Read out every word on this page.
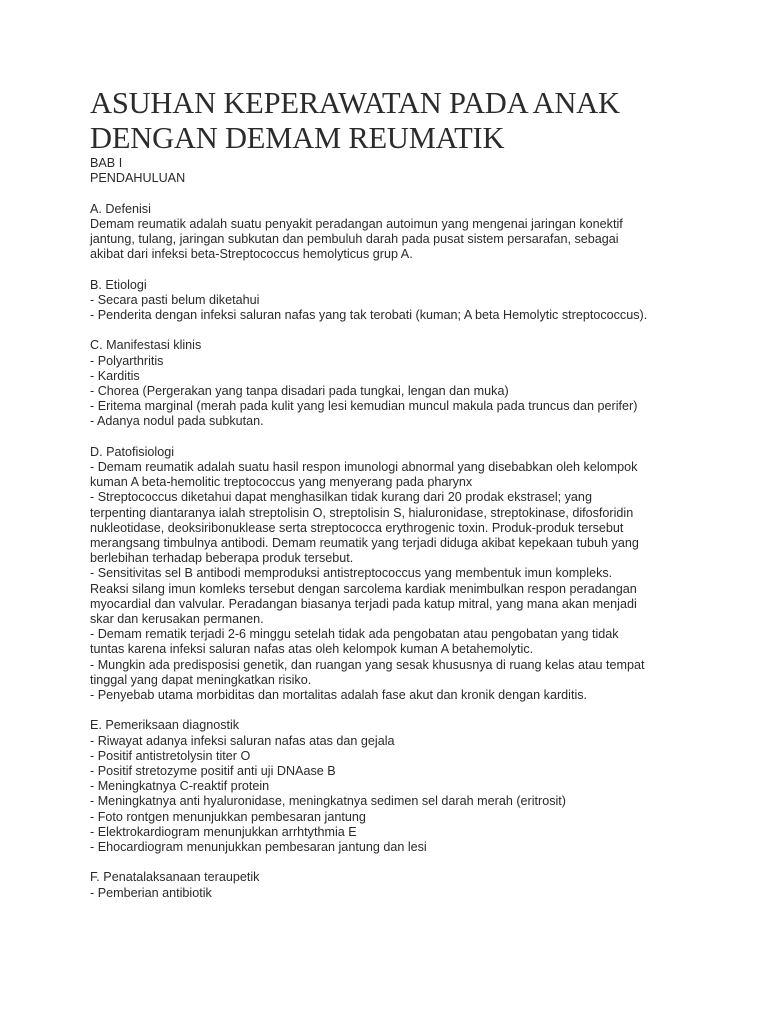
ASUHAN KEPERAWATAN PADA ANAK
DENGAN DEMAM REUMATIK
BAB I
PENDAHULUAN
A. Defenisi
Demam reumatik adalah suatu penyakit peradangan autoimun yang mengenai jaringan konektif
jantung, tulang, jaringan subkutan dan pembuluh darah pada pusat sistem persarafan, sebagai
akibat dari infeksi beta-Streptococcus hemolyticus grup A.
B. Etiologi
- Secara pasti belum diketahui
- Penderita dengan infeksi saluran nafas yang tak terobati (kuman; A beta Hemolytic streptococcus).
C. Manifestasi klinis
- Polyarthritis
- Karditis
- Chorea (Pergerakan yang tanpa disadari pada tungkai, lengan dan muka)
- Eritema marginal (merah pada kulit yang lesi kemudian muncul makula pada truncus dan perifer)
- Adanya nodul pada subkutan.
D. Patofisiologi
- Demam reumatik adalah suatu hasil respon imunologi abnormal yang disebabkan oleh kelompok
kuman A beta-hemolitic treptococcus yang menyerang pada pharynx
- Streptococcus diketahui dapat menghasilkan tidak kurang dari 20 prodak ekstrasel; yang
terpenting diantaranya ialah streptolisin O, streptolisin S, hialuronidase, streptokinase, difosforidin
nukleotidase, deoksiribonuklease serta streptococca erythrogenic toxin. Produk-produk tersebut
merangsang timbulnya antibodi. Demam reumatik yang terjadi diduga akibat kepekaan tubuh yang
berlebihan terhadap beberapa produk tersebut.
- Sensitivitas sel B antibodi memproduksi antistreptococcus yang membentuk imun kompleks.
Reaksi silang imun komleks tersebut dengan sarcolema kardiak menimbulkan respon peradangan
myocardial dan valvular. Peradangan biasanya terjadi pada katup mitral, yang mana akan menjadi
skar dan kerusakan permanen.
- Demam rematik terjadi 2-6 minggu setelah tidak ada pengobatan atau pengobatan yang tidak
tuntas karena infeksi saluran nafas atas oleh kelompok kuman A betahemolytic.
- Mungkin ada predisposisi genetik, dan ruangan yang sesak khususnya di ruang kelas atau tempat
tinggal yang dapat meningkatkan risiko.
- Penyebab utama morbiditas dan mortalitas adalah fase akut dan kronik dengan karditis.
E. Pemeriksaan diagnostik
- Riwayat adanya infeksi saluran nafas atas dan gejala
- Positif antistretolysin titer O
- Positif stretozyme positif anti uji DNAase B
- Meningkatnya C-reaktif protein
- Meningkatnya anti hyaluronidase, meningkatnya sedimen sel darah merah (eritrosit)
- Foto rontgen menunjukkan pembesaran jantung
- Elektrokardiogram menunjukkan arrhtythmia E
- Ehocardiogram menunjukkan pembesaran jantung dan lesi
F. Penatalaksanaan teraupetik
- Pemberian antibiotik
